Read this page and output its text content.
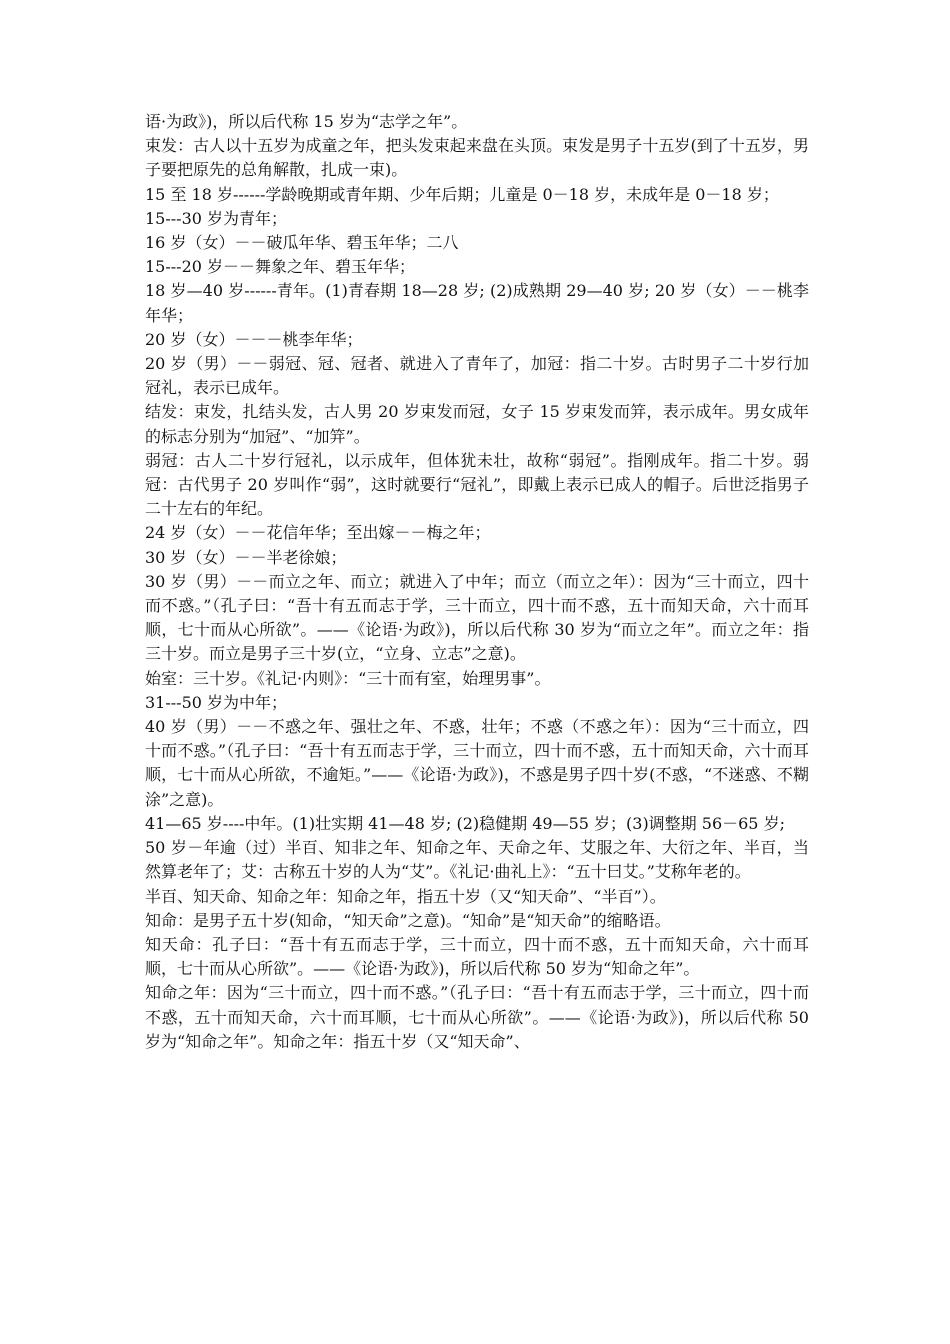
语·为政》)，所以后代称 15 岁为“志学之年”。

束发：古人以十五岁为成童之年，把头发束起来盘在头顶。束发是男子十五岁(到了十五岁，男子要把原先的总角解散，扎成一束)。

15 至 18 岁------学龄晚期或青年期、少年后期；儿童是 0－18 岁，未成年是 0－18 岁；

15---30 岁为青年；

16 岁（女）－－破瓜年华、碧玉年华；二八

15---20 岁－－舞象之年、碧玉年华；

18 岁—40 岁------青年。(1)青春期 18—28 岁; (2)成熟期 29—40 岁; 20 岁（女）－－桃李年华；

20 岁（女）－－－桃李年华；

20 岁（男）－－弱冠、冠、冠者、就进入了青年了，加冠：指二十岁。古时男子二十岁行加冠礼，表示已成年。

结发：束发，扎结头发，古人男 20 岁束发而冠，女子 15 岁束发而笄，表示成年。男女成年的标志分别为“加冠”、“加笄”。

弱冠：古人二十岁行冠礼，以示成年，但体犹未壮，故称“弱冠”。指刚成年。指二十岁。弱冠：古代男子 20 岁叫作“弱”，这时就要行“冠礼”，即戴上表示已成人的帽子。后世泛指男子二十左右的年纪。

24 岁（女）－－花信年华；至出嫁－－梅之年；

30 岁（女）－－半老徐娘；

30 岁（男）－－而立之年、而立；就进入了中年；而立（而立之年）：因为“三十而立，四十而不惑。”（孔子曰：“吾十有五而志于学，三十而立，四十而不惑，五十而知天命，六十而耳顺，七十而从心所欲”。——《论语·为政》)，所以后代称 30 岁为“而立之年”。而立之年：指三十岁。而立是男子三十岁(立，“立身、立志”之意)。

始室：三十岁。《礼记·内则》：“三十而有室，始理男事”。

31---50 岁为中年；

40 岁（男）－－不惑之年、强壮之年、不惑，壮年；不惑（不惑之年）：因为“三十而立，四十而不惑。”（孔子曰：“吾十有五而志于学，三十而立，四十而不惑，五十而知天命，六十而耳顺，七十而从心所欲，不逾矩。”——《论语·为政》)，不惑是男子四十岁(不惑，“不迷惑、不糊涂”之意)。

41—65 岁----中年。(1)壮实期 41—48 岁; (2)稳健期 49—55 岁；(3)调整期 56－65 岁;

50 岁－年逾（过）半百、知非之年、知命之年、天命之年、艾服之年、大衍之年、半百，当然算老年了；艾：古称五十岁的人为“艾”。《礼记·曲礼上》：“五十曰艾。”艾称年老的。

半百、知天命、知命之年：知命之年，指五十岁（又“知天命”、“半百”）。

知命：是男子五十岁(知命，“知天命”之意)。“知命”是“知天命”的缩略语。

知天命：孔子曰：“吾十有五而志于学，三十而立，四十而不惑，五十而知天命，六十而耳顺，七十而从心所欲”。——《论语·为政》)，所以后代称 50 岁为“知命之年”。

知命之年：因为“三十而立，四十而不惑。”（孔子曰：“吾十有五而志于学，三十而立，四十而不惑，五十而知天命，六十而耳顺，七十而从心所欲”。——《论语·为政》)，所以后代称 50 岁为“知命之年”。知命之年：指五十岁（又“知天命”、
